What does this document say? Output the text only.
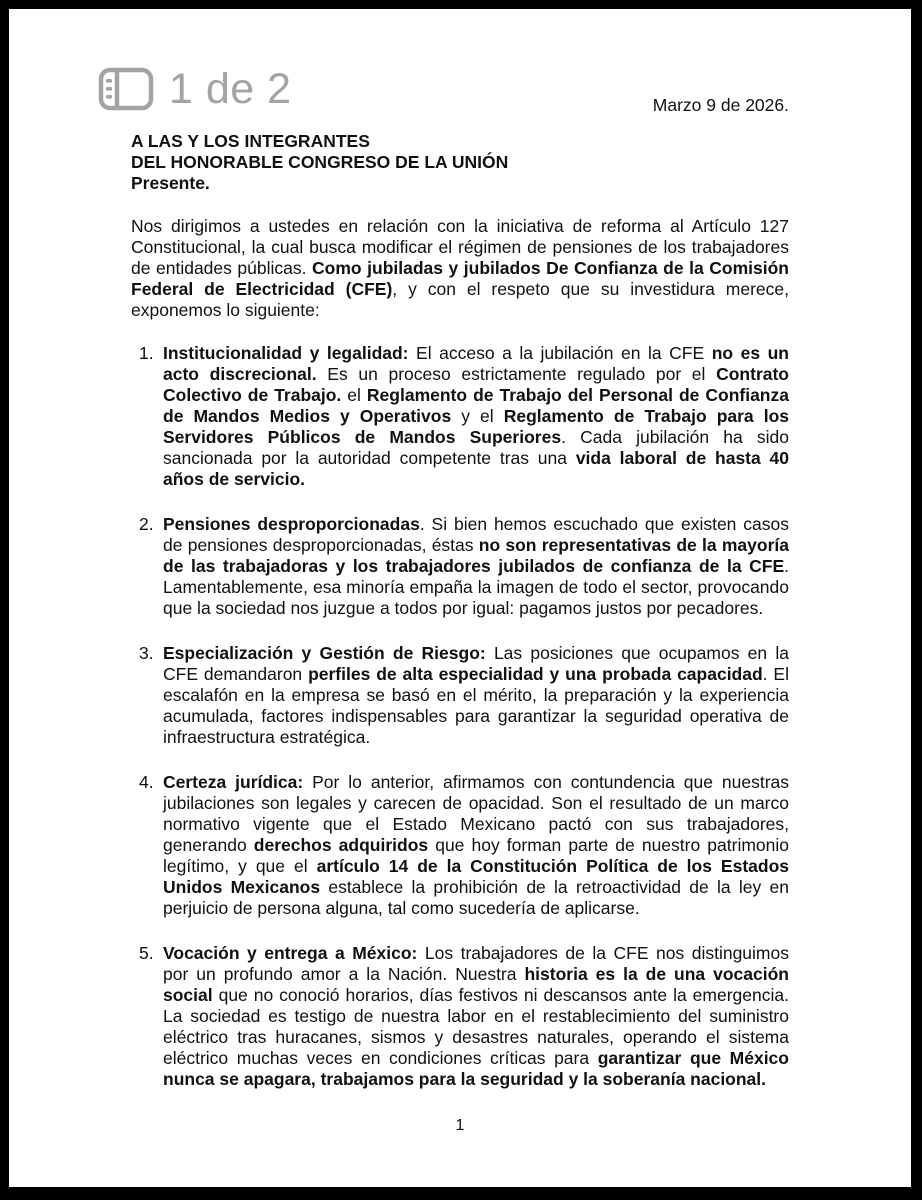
1 de 2	Marzo 9 de 2026.
A LAS Y LOS INTEGRANTES
DEL HONORABLE CONGRESO DE LA UNIÓN
Presente.

Nos dirigimos a ustedes en relación con la iniciativa de reforma al Artículo 127 Constitucional, la cual busca modificar el régimen de pensiones de los trabajadores de entidades públicas. Como jubiladas y jubilados De Confianza de la Comisión Federal de Electricidad (CFE), y con el respeto que su investidura merece, exponemos lo siguiente:

1. Institucionalidad y legalidad: El acceso a la jubilación en la CFE no es un acto discrecional. Es un proceso estrictamente regulado por el Contrato Colectivo de Trabajo. el Reglamento de Trabajo del Personal de Confianza de Mandos Medios y Operativos y el Reglamento de Trabajo para los Servidores Públicos de Mandos Superiores. Cada jubilación ha sido sancionada por la autoridad competente tras una vida laboral de hasta 40 años de servicio.
2. Pensiones desproporcionadas. Si bien hemos escuchado que existen casos de pensiones desproporcionadas, éstas no son representativas de la mayoría de las trabajadoras y los trabajadores jubilados de confianza de la CFE. Lamentablemente, esa minoría empaña la imagen de todo el sector, provocando que la sociedad nos juzgue a todos por igual: pagamos justos por pecadores.
3. Especialización y Gestión de Riesgo: Las posiciones que ocupamos en la CFE demandaron perfiles de alta especialidad y una probada capacidad. El escalafón en la empresa se basó en el mérito, la preparación y la experiencia acumulada, factores indispensables para garantizar la seguridad operativa de infraestructura estratégica.
4. Certeza jurídica: Por lo anterior, afirmamos con contundencia que nuestras jubilaciones son legales y carecen de opacidad. Son el resultado de un marco normativo vigente que el Estado Mexicano pactó con sus trabajadores, generando derechos adquiridos que hoy forman parte de nuestro patrimonio legítimo, y que el artículo 14 de la Constitución Política de los Estados Unidos Mexicanos establece la prohibición de la retroactividad de la ley en perjuicio de persona alguna, tal como sucedería de aplicarse.
5. Vocación y entrega a México: Los trabajadores de la CFE nos distinguimos por un profundo amor a la Nación. Nuestra historia es la de una vocación social que no conoció horarios, días festivos ni descansos ante la emergencia. La sociedad es testigo de nuestra labor en el restablecimiento del suministro eléctrico tras huracanes, sismos y desastres naturales, operando el sistema eléctrico muchas veces en condiciones críticas para garantizar que México nunca se apagara, trabajamos para la seguridad y la soberanía nacional.
1
